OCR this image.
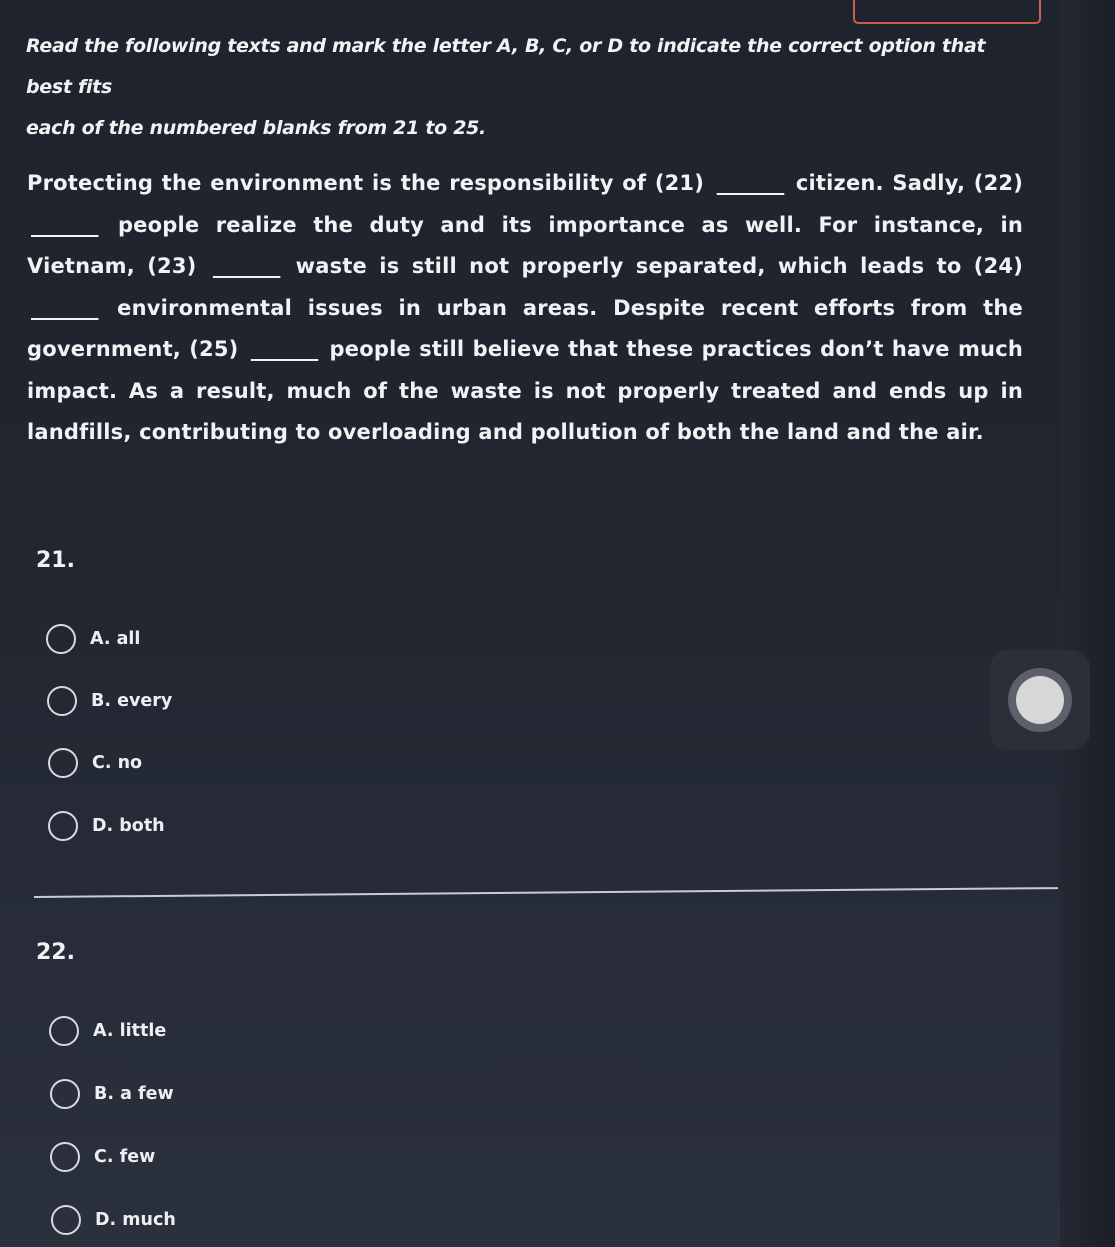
Read the following texts and mark the letter A, B, C, or D to indicate the correct option that best fits
each of the numbered blanks from 21 to 25.
Protecting the environment is the responsibility of (21) _______ citizen. Sadly, (22) _______ people realize the duty and its importance as well. For instance, in Vietnam, (23) _______ waste is still not properly separated, which leads to (24) _______ environmental issues in urban areas. Despite recent efforts from the government, (25) _______ people still believe that these practices don’t have much impact. As a result, much of the waste is not properly treated and ends up in landfills, contributing to overloading and pollution of both the land and the air.
21.
A. all
B. every
C. no
D. both
22.
A. little
B. a few
C. few
D. much
